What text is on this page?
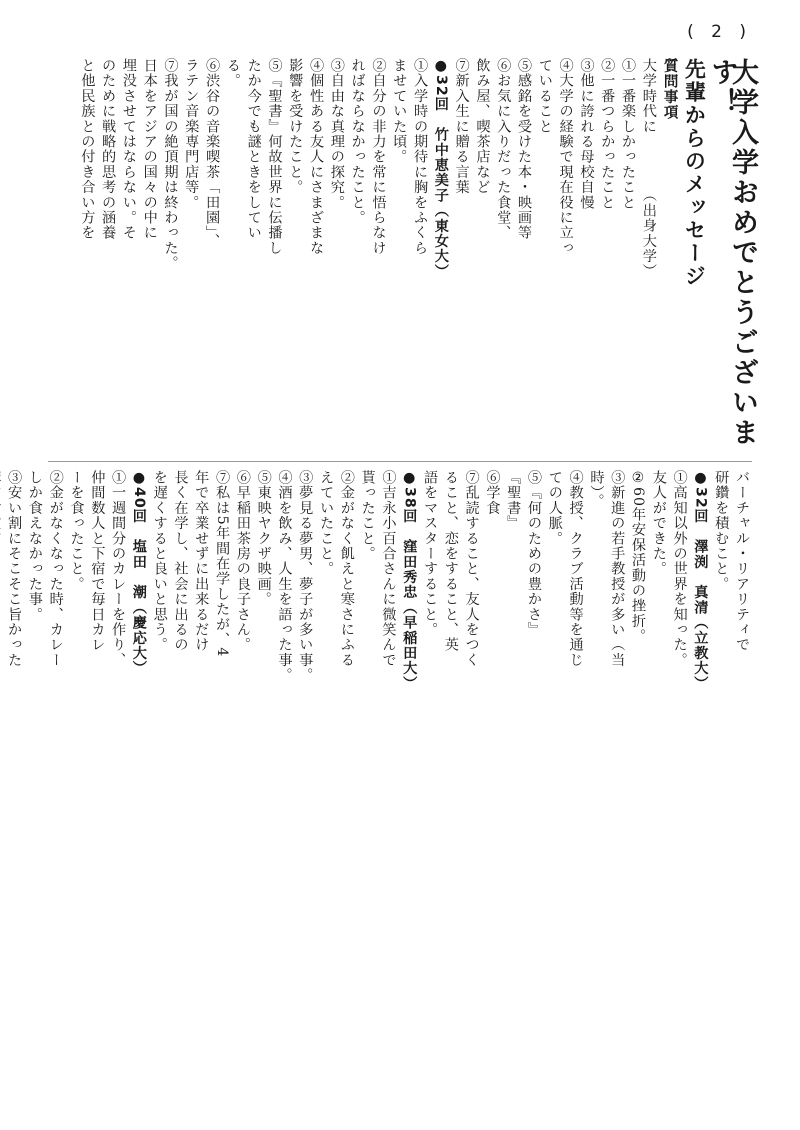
( 2 )

大学入学おめでとうございます！

先輩からのメッセージ

質問事項

大学時代に　　　　（出身大学）

①一番楽しかったこと

②一番つらかったこと

③他に誇れる母校自慢

④大学の経験で現在役に立っ

ていること

⑤感銘を受けた本・映画等

⑥お気に入りだった食堂、

飲み屋、喫茶店など

⑦新入生に贈る言葉

●32回　竹中恵美子（東女大）

①入学時の期待に胸をふくら

ませていた頃。

②自分の非力を常に悟らなけ

ればならなかったこと。

③自由な真理の探究。

④個性ある友人にさまざまな

影響を受けたこと。

⑤『聖書』何故世界に伝播し

たか今でも謎ときをしてい

る。

⑥渋谷の音楽喫茶「田園」、

ラテン音楽専門店等。

⑦我が国の絶頂期は終わった。

日本をアジアの国々の中に

埋没させてはならない。そ

のために戦略的思考の涵養

と他民族との付き合い方を

バーチャル・リアリティで

研鑽を積むこと。

●32回　澤渕　真清（立教大）

①高知以外の世界を知った。

友人ができた。

②60年安保活動の挫折。

③新進の若手教授が多い（当

時）。

④教授、クラブ活動等を通じ

ての人脈。

⑤『何のための豊かさ』

『聖書』

⑥学食

⑦乱読すること、友人をつく

ること、恋をすること、英

語をマスターすること。

●38回　窪田秀忠（早稲田大）

①吉永小百合さんに微笑んで

貰ったこと。

②金がなく飢えと寒さにふる

えていたこと。

③夢見る夢男、夢子が多い事。

④酒を飲み、人生を語った事。

⑤東映ヤクザ映画。

⑥早稲田茶房の良子さん。

⑦私は5年間在学したが、4

年で卒業せずに出来るだけ

長く在学し、社会に出るの

を遅くすると良いと思う。

●40回　塩田　潮（慶応大）

①一週間分のカレーを作り、

仲間数人と下宿で毎日カレ

ーを食ったこと。

②金がなくなった時、カレー

しか食えなかった事。

③安い割にそこそこ旨かった
